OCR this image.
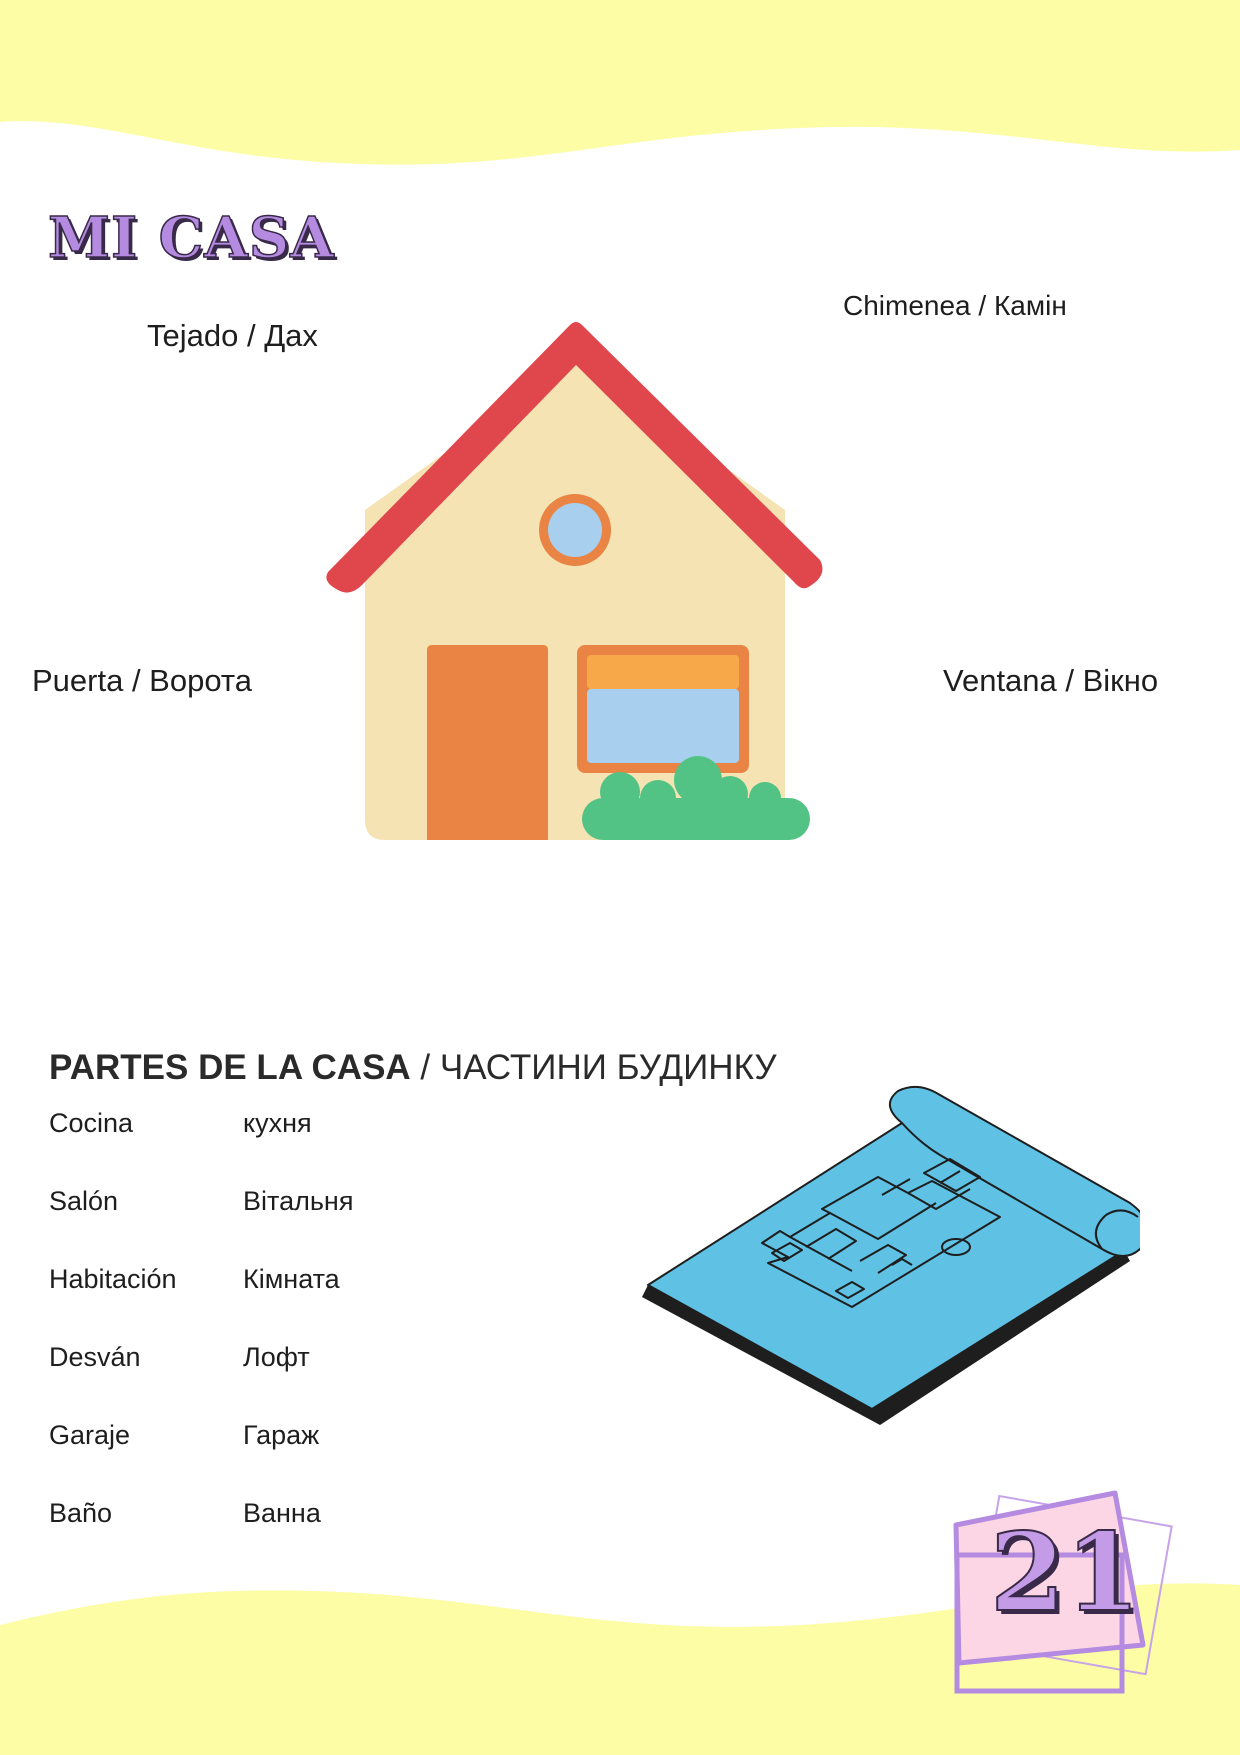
MI CASA
Tejado / Дах
Chimenea / Камін
Puerta / Ворота	Ventana / Вікно
PARTES DE LA CASA / ЧАСТИНИ БУДИНКУ
Cocina	кухня
Salón	Вітальня
Habitación Кімната
Desván	Лофт
Garaje	Гараж
Baño	Ванна	21
